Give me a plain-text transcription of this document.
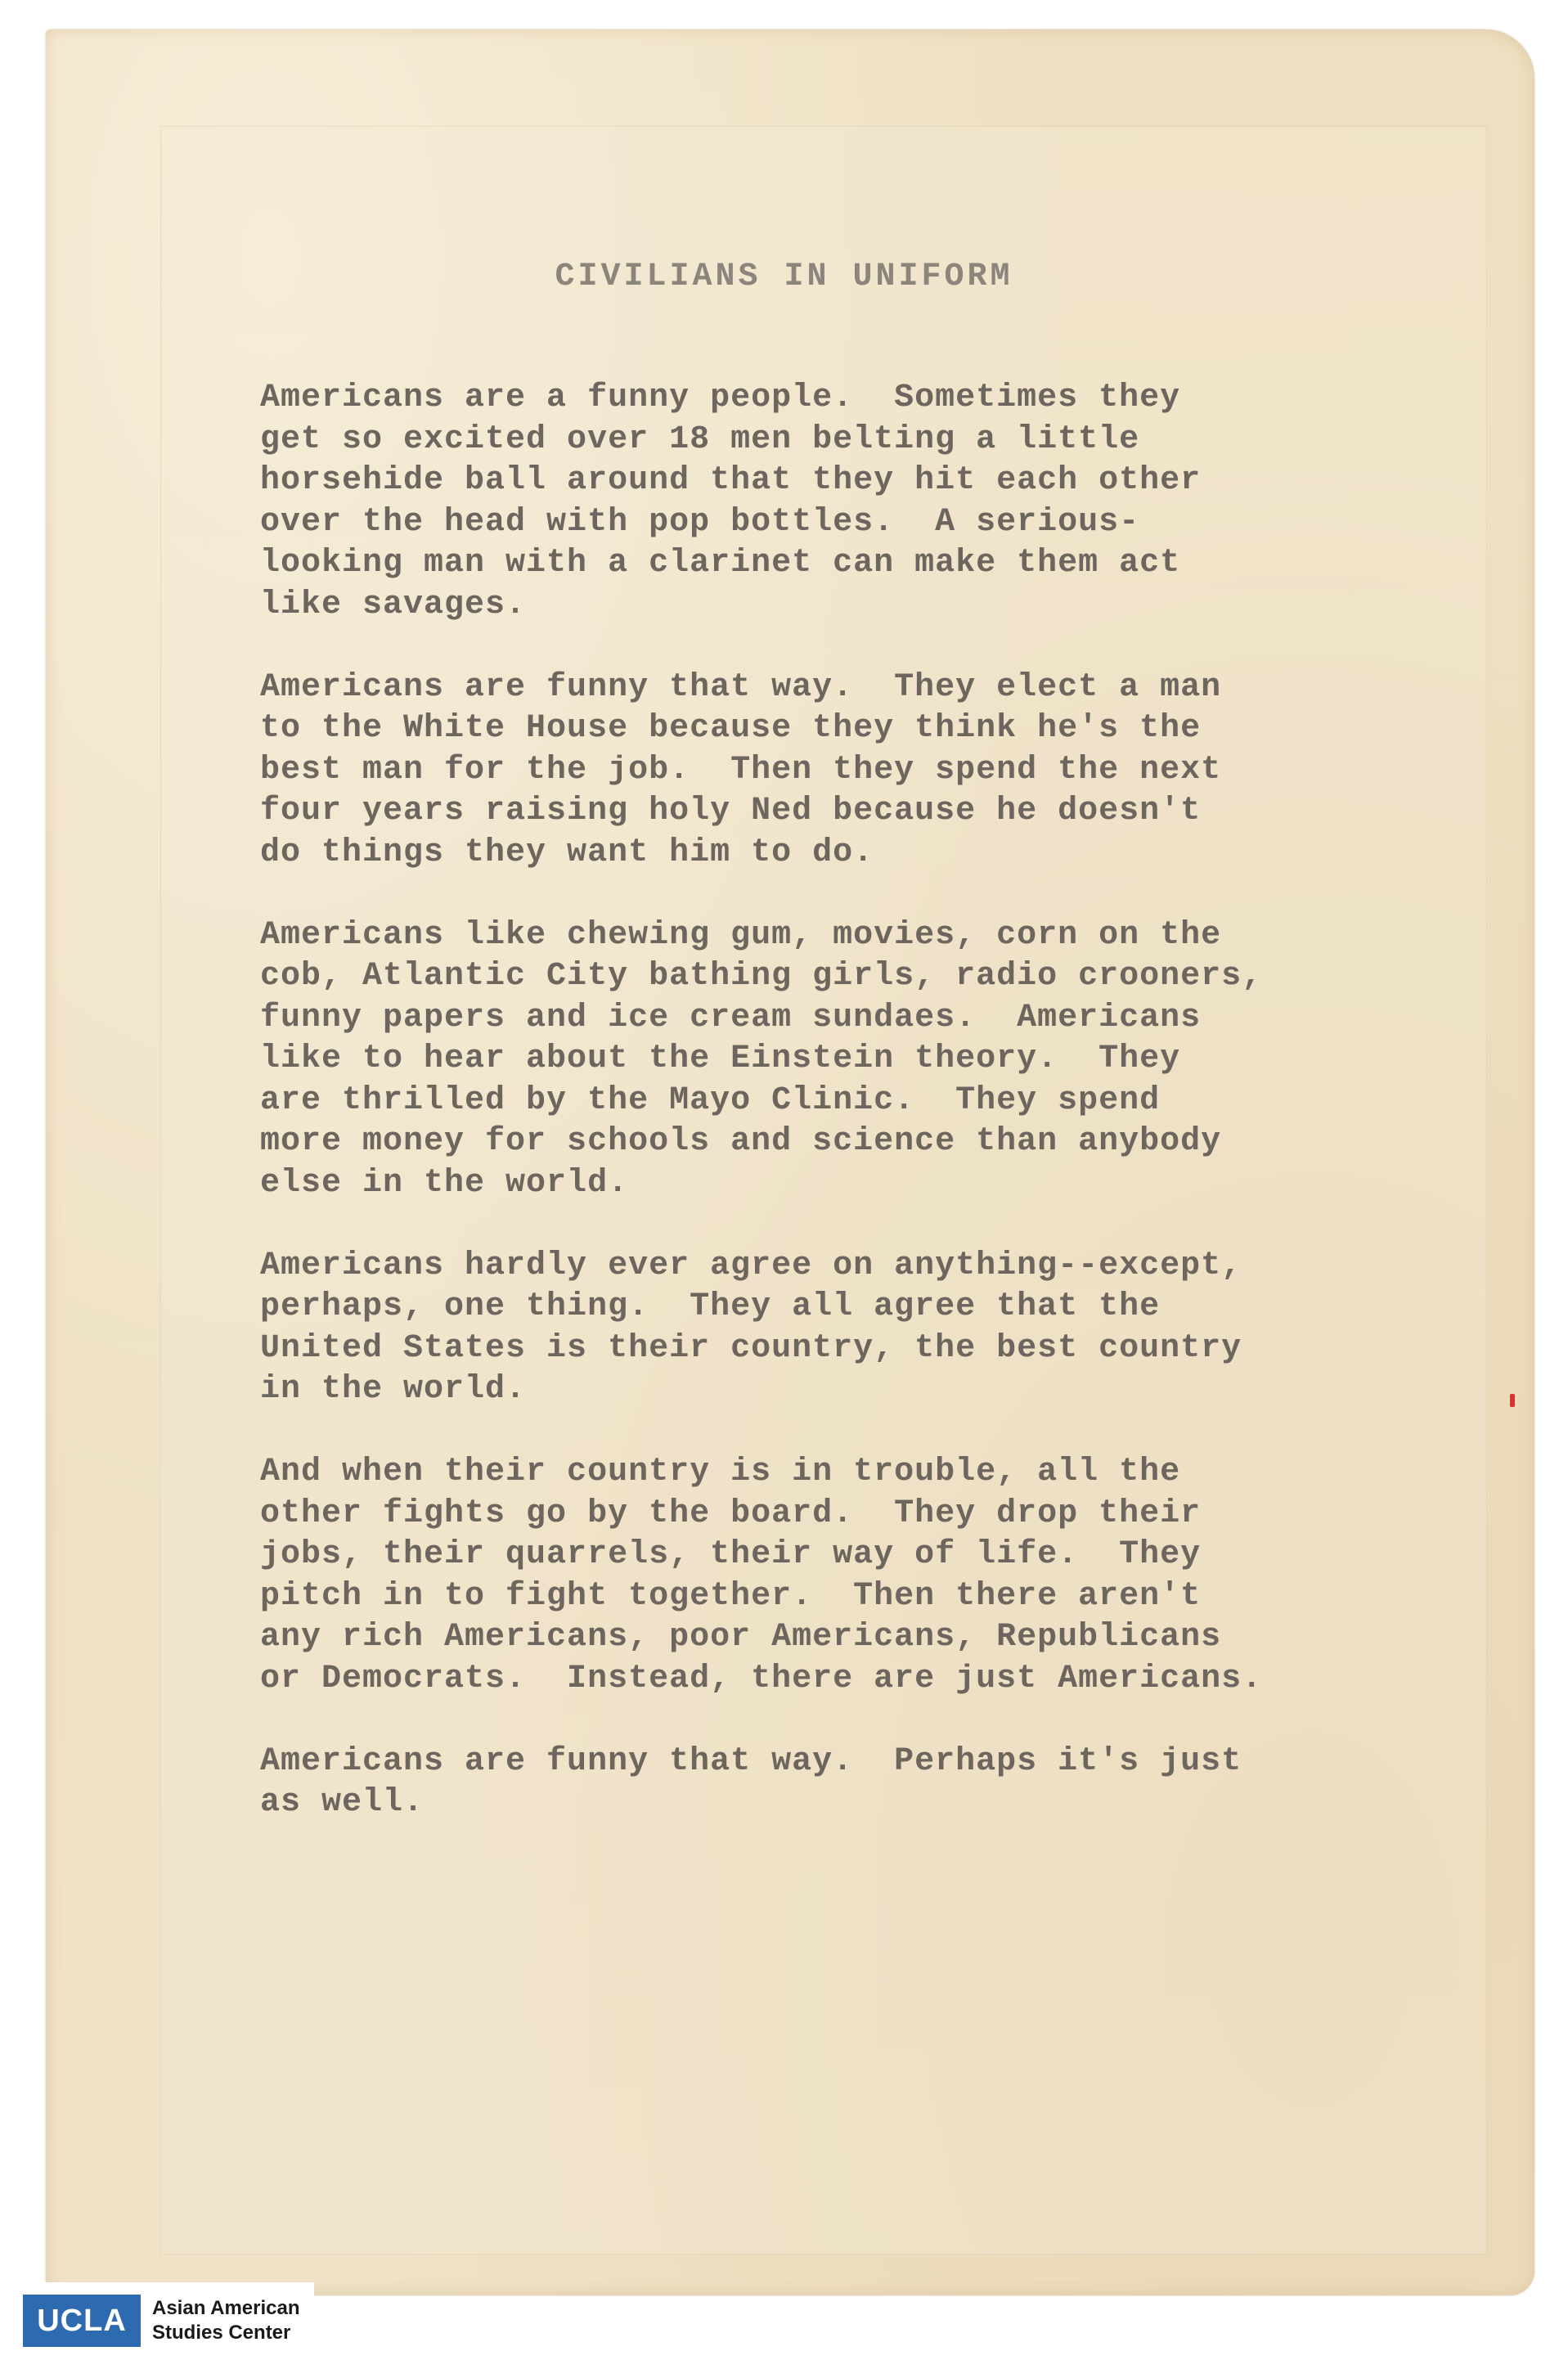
CIVILIANS IN UNIFORM
Americans are a funny people.  Sometimes they
get so excited over 18 men belting a little
horsehide ball around that they hit each other
over the head with pop bottles.  A serious-
looking man with a clarinet can make them act
like savages.
Americans are funny that way.  They elect a man
to the White House because they think he's the
best man for the job.  Then they spend the next
four years raising holy Ned because he doesn't
do things they want him to do.
Americans like chewing gum, movies, corn on the
cob, Atlantic City bathing girls, radio crooners,
funny papers and ice cream sundaes.  Americans
like to hear about the Einstein theory.  They
are thrilled by the Mayo Clinic.  They spend
more money for schools and science than anybody
else in the world.
Americans hardly ever agree on anything--except,
perhaps, one thing.  They all agree that the
United States is their country, the best country
in the world.
And when their country is in trouble, all the
other fights go by the board.  They drop their
jobs, their quarrels, their way of life.  They
pitch in to fight together.  Then there aren't
any rich Americans, poor Americans, Republicans
or Democrats.  Instead, there are just Americans.
Americans are funny that way.  Perhaps it's just
as well.
UCLA	Asian American
Studies Center
